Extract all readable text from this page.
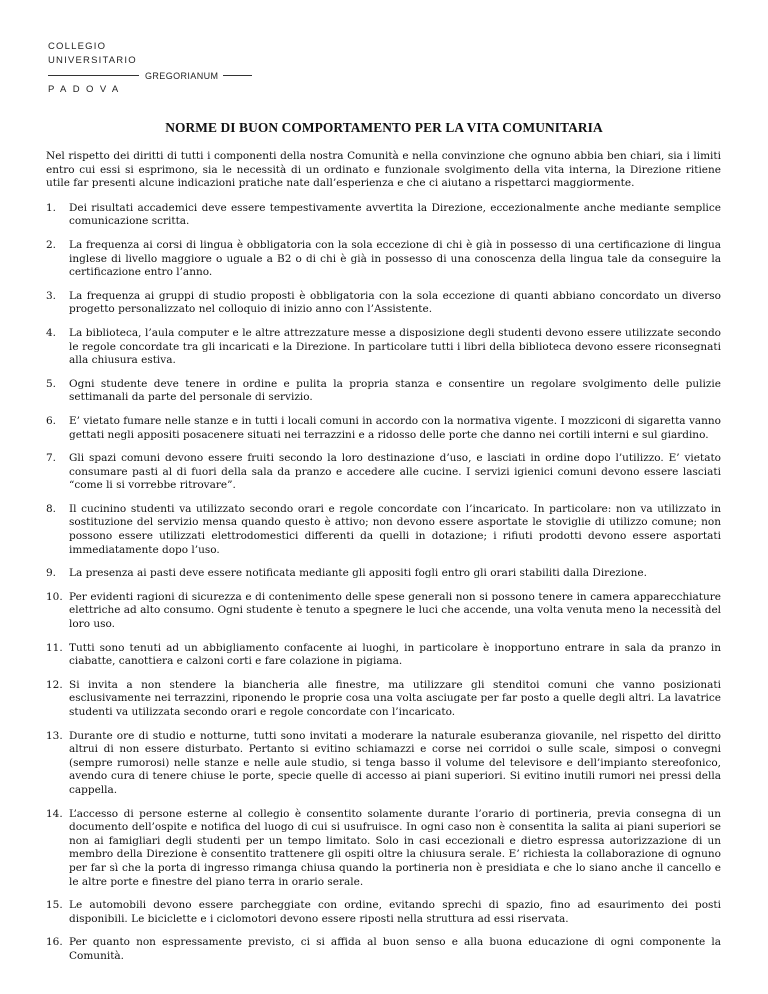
COLLEGIO
UNIVERSITARIO
GREGORIANUM
PADOVA
NORME DI BUON COMPORTAMENTO PER LA VITA COMUNITARIA

Nel rispetto dei diritti di tutti i componenti della nostra Comunità e nella convinzione che ognuno abbia ben chiari, sia i limiti entro cui essi si esprimono, sia le necessità di un ordinato e funzionale svolgimento della vita interna, la Direzione ritiene utile far presenti alcune indicazioni pratiche nate dall’esperienza e che ci aiutano a rispettarci maggiormente.

1.	Dei risultati accademici deve essere tempestivamente avvertita la Direzione, eccezionalmente anche mediante semplice comunicazione scritta.
2.	La frequenza ai corsi di lingua è obbligatoria con la sola eccezione di chi è già in possesso di una certificazione di lingua inglese di livello maggiore o uguale a B2 o di chi è già in possesso di una conoscenza della lingua tale da conseguire la certificazione entro l’anno.
3.	La frequenza ai gruppi di studio proposti è obbligatoria con la sola eccezione di quanti abbiano concordato un diverso progetto personalizzato nel colloquio di inizio anno con l’Assistente.
4.	La biblioteca, l’aula computer e le altre attrezzature messe a disposizione degli studenti devono essere utilizzate secondo le regole concordate tra gli incaricati e la Direzione. In particolare tutti i libri della biblioteca devono essere riconsegnati alla chiusura estiva.
5.	Ogni studente deve tenere in ordine e pulita la propria stanza e consentire un regolare svolgimento delle pulizie settimanali da parte del personale di servizio.
6.	E’ vietato fumare nelle stanze e in tutti i locali comuni in accordo con la normativa vigente. I mozziconi di sigaretta vanno gettati negli appositi posacenere situati nei terrazzini e a ridosso delle porte che danno nei cortili interni e sul giardino.
7.	Gli spazi comuni devono essere fruiti secondo la loro destinazione d’uso, e lasciati in ordine dopo l’utilizzo. E’ vietato consumare pasti al di fuori della sala da pranzo e accedere alle cucine. I servizi igienici comuni devono essere lasciati “come li si vorrebbe ritrovare”.
8.	Il cucinino studenti va utilizzato secondo orari e regole concordate con l’incaricato. In particolare: non va utilizzato in sostituzione del servizio mensa quando questo è attivo; non devono essere asportate le stoviglie di utilizzo comune; non possono essere utilizzati elettrodomestici differenti da quelli in dotazione; i rifiuti prodotti devono essere asportati immediatamente dopo l’uso.
9.	La presenza ai pasti deve essere notificata mediante gli appositi fogli entro gli orari stabiliti dalla Direzione.
10. Per evidenti ragioni di sicurezza e di contenimento delle spese generali non si possono tenere in camera apparecchiature elettriche ad alto consumo. Ogni studente è tenuto a spegnere le luci che accende, una volta venuta meno la necessità del loro uso.
11. Tutti sono tenuti ad un abbigliamento confacente ai luoghi, in particolare è inopportuno entrare in sala da pranzo in ciabatte, canottiera e calzoni corti e fare colazione in pigiama.
12. Si invita a non stendere la biancheria alle finestre, ma utilizzare gli stenditoi comuni che vanno posizionati esclusivamente nei terrazzini, riponendo le proprie cosa una volta asciugate per far posto a quelle degli altri. La lavatrice studenti va utilizzata secondo orari e regole concordate con l’incaricato.
13. Durante ore di studio e notturne, tutti sono invitati a moderare la naturale esuberanza giovanile, nel rispetto del diritto altrui di non essere disturbato. Pertanto si evitino schiamazzi e corse nei corridoi o sulle scale, simposi o convegni (sempre rumorosi) nelle stanze e nelle aule studio, si tenga basso il volume del televisore e dell’impianto stereofonico, avendo cura di tenere chiuse le porte, specie quelle di accesso ai piani superiori. Si evitino inutili rumori nei pressi della cappella.
14. L’accesso di persone esterne al collegio è consentito solamente durante l’orario di portineria, previa consegna di un documento dell’ospite e notifica del luogo di cui si usufruisce. In ogni caso non è consentita la salita ai piani superiori se non ai famigliari degli studenti per un tempo limitato. Solo in casi eccezionali e dietro espressa autorizzazione di un membro della Direzione è consentito trattenere gli ospiti oltre la chiusura serale. E’ richiesta la collaborazione di ognuno per far sì che la porta di ingresso rimanga chiusa quando la portineria non è presidiata e che lo siano anche il cancello e le altre porte e finestre del piano terra in orario serale.
15. Le automobili devono essere parcheggiate con ordine, evitando sprechi di spazio, fino ad esaurimento dei posti disponibili. Le biciclette e i ciclomotori devono essere riposti nella struttura ad essi riservata.
16. Per quanto non espressamente previsto, ci si affida al buon senso e alla buona educazione di ogni componente la Comunità.
